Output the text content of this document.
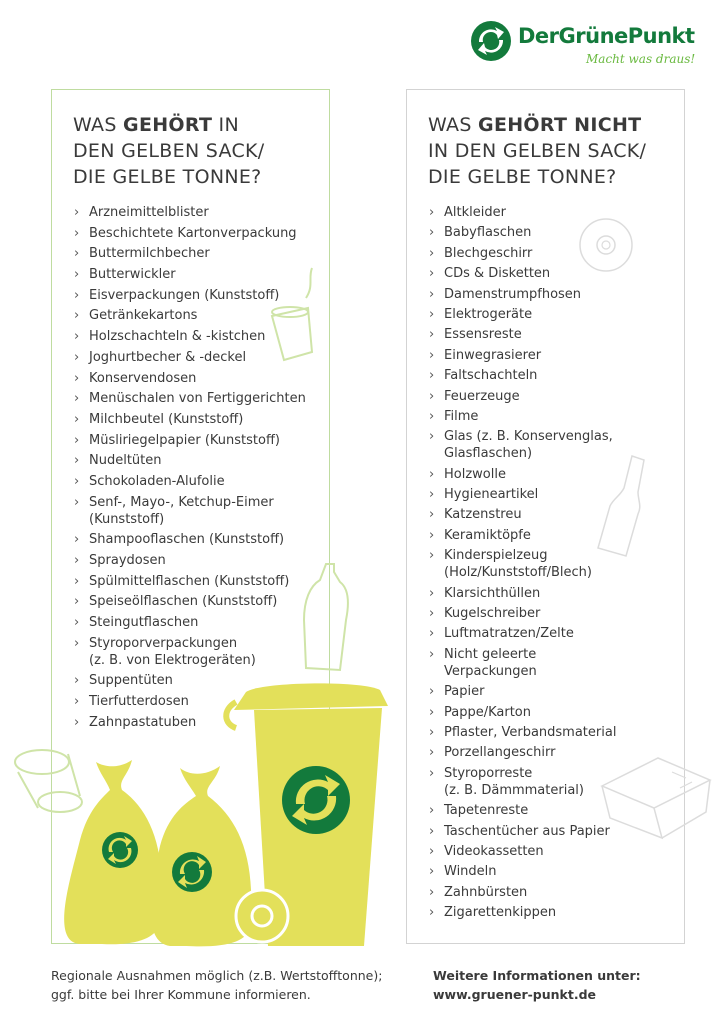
DerGrünePunkt
Macht was draus!
WAS GEHÖRT IN
DEN GELBEN SACK/
DIE GELBE TONNE?
› Arzneimittelblister
› Beschichtete Kartonverpackung
› Buttermilchbecher
› Butterwickler
› Eisverpackungen (Kunststoff)
› Getränkekartons
› Holzschachteln & -kistchen
› Joghurtbecher & -deckel
› Konservendosen
› Menüschalen von Fertiggerichten
› Milchbeutel (Kunststoff)
› Müsliriegelpapier (Kunststoff)
› Nudeltüten
› Schokoladen-Alufolie
› Senf-, Mayo-, Ketchup-Eimer
(Kunststoff)
› Shampooflaschen (Kunststoff)
› Spraydosen
› Spülmittelflaschen (Kunststoff)
› Speiseölflaschen (Kunststoff)
› Steingutflaschen
› Styroporverpackungen
(z. B. von Elektrogeräten)
› Suppentüten
› Tierfutterdosen
› Zahnpastatuben
WAS GEHÖRT NICHT
IN DEN GELBEN SACK/
DIE GELBE TONNE?
› Altkleider
› Babyflaschen
› Blechgeschirr
› CDs & Disketten
› Damenstrumpfhosen
› Elektrogeräte
› Essensreste
› Einwegrasierer
› Faltschachteln
› Feuerzeuge
› Filme
› Glas (z. B. Konservenglas,
Glasflaschen)
› Holzwolle
› Hygieneartikel
› Katzenstreu
› Keramiktöpfe
› Kinderspielzeug
(Holz/Kunststoff/Blech)
› Klarsichthüllen
› Kugelschreiber
› Luftmatratzen/Zelte
› Nicht geleerte
Verpackungen
› Papier
› Pappe/Karton
› Pflaster, Verbandsmaterial
› Porzellangeschirr
› Styroporreste
(z. B. Dämmmaterial)
› Tapetenreste
› Taschentücher aus Papier
› Videokassetten
› Windeln
› Zahnbürsten
› Zigarettenkippen
Regionale Ausnahmen möglich (z.B. Wertstofftonne);
ggf. bitte bei Ihrer Kommune informieren.
Weitere Informationen unter:
www.gruener-punkt.de
